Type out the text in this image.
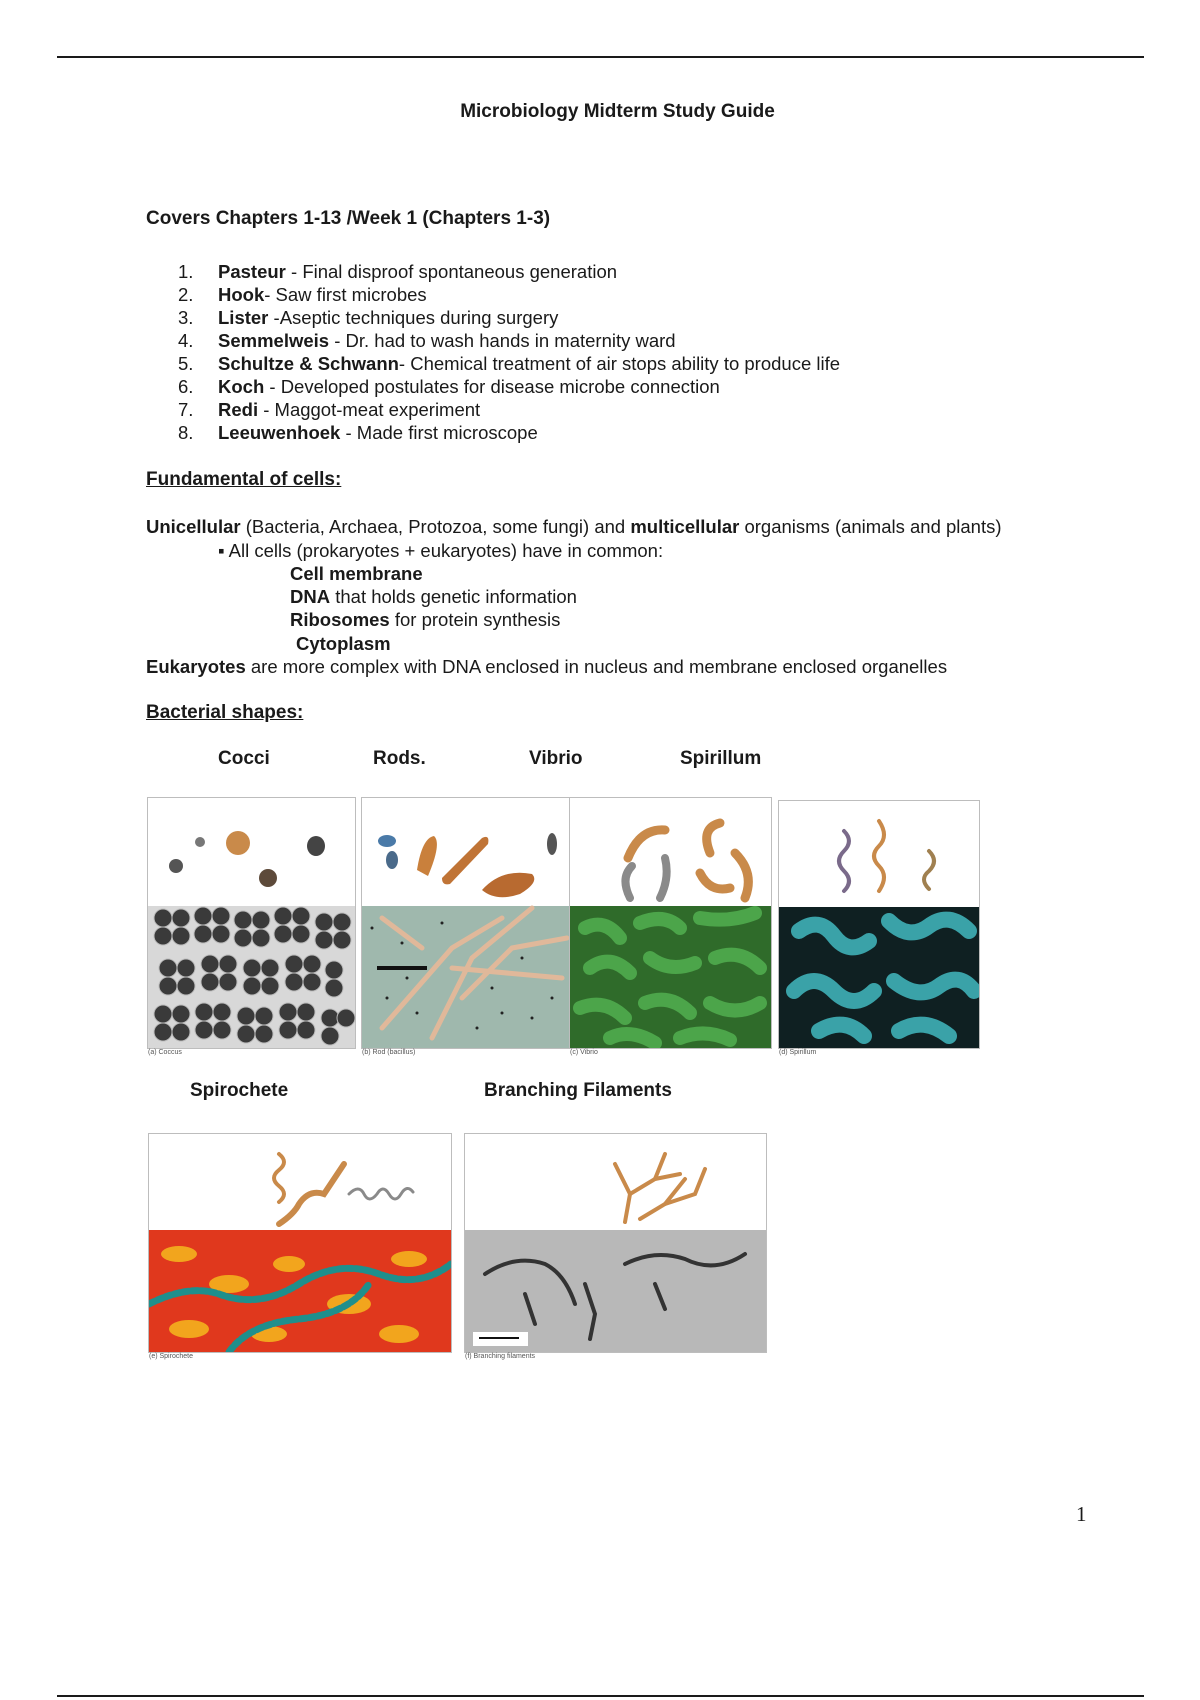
Microbiology Midterm Study Guide
Covers Chapters 1-13 /Week 1 (Chapters 1-3)
1. Pasteur - Final disproof spontaneous generation
2. Hook- Saw first microbes
3. Lister -Aseptic techniques during surgery
4. Semmelweis - Dr. had to wash hands in maternity ward
5. Schultze & Schwann- Chemical treatment of air stops ability to produce life
6. Koch - Developed postulates for disease microbe connection
7. Redi - Maggot-meat experiment
8. Leeuwenhoek - Made first microscope
Fundamental of cells:
Unicellular (Bacteria, Archaea, Protozoa, some fungi) and multicellular organisms (animals and plants)
▪ All cells (prokaryotes + eukaryotes) have in common:
Cell membrane
DNA that holds genetic information
Ribosomes for protein synthesis
Cytoplasm
Eukaryotes are more complex with DNA enclosed in nucleus and membrane enclosed organelles
Bacterial shapes:
Cocci	Rods.	Vibrio	Spirillum
(a) Coccus	(b) Rod (bacillus)	(c) Vibrio	(d) Spirillum
Spirochete	Branching Filaments
(e) Spirochete	(f) Branching filaments
1
